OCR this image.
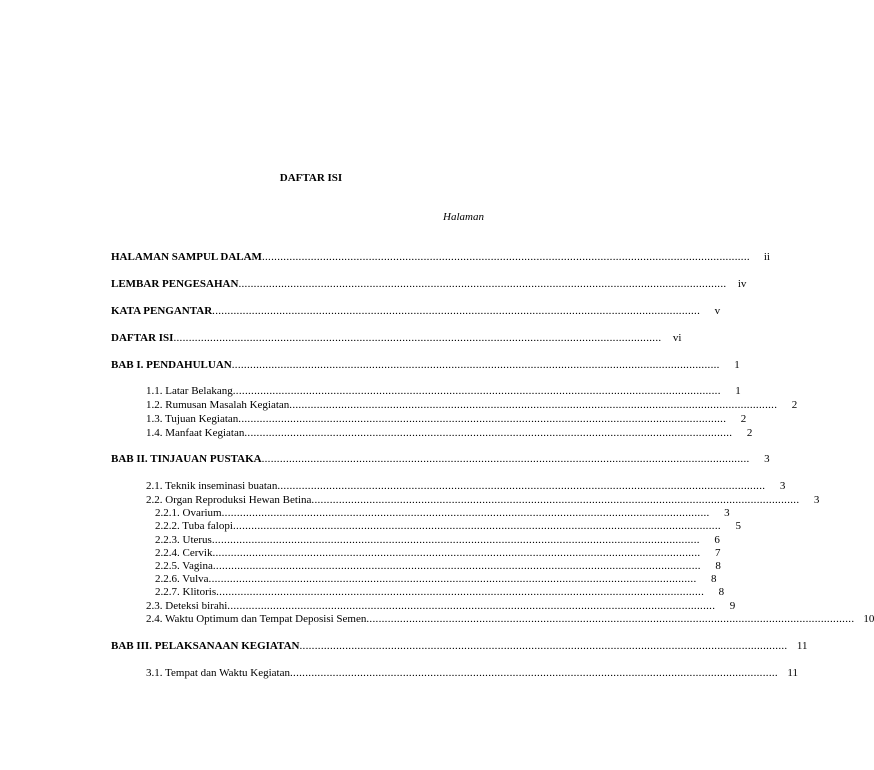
DAFTAR ISI
Halaman
HALAMAN SAMPUL DALAM ................................................................................................................................................................	ii
LEMBAR PENGESAHAN ................................................................................................................................................................	iv
KATA PENGANTAR ................................................................................................................................................................	v
DAFTAR ISI ................................................................................................................................................................	vi
BAB I. PENDAHULUAN ................................................................................................................................................................	1
1.1. Latar Belakang ................................................................................................................................................................	1
1.2. Rumusan Masalah Kegiatan ................................................................................................................................................................	2
1.3. Tujuan Kegiatan ................................................................................................................................................................	2
1.4. Manfaat Kegiatan ................................................................................................................................................................	2
BAB II. TINJAUAN PUSTAKA ................................................................................................................................................................	3
2.1. Teknik inseminasi buatan ................................................................................................................................................................	3
2.2. Organ Reproduksi Hewan Betina ................................................................................................................................................................	3
2.2.1. Ovarium ................................................................................................................................................................	3
2.2.2. Tuba falopi ................................................................................................................................................................	5
2.2.3. Uterus ................................................................................................................................................................	6
2.2.4. Cervik ................................................................................................................................................................	7
2.2.5. Vagina ................................................................................................................................................................	8
2.2.6. Vulva ................................................................................................................................................................	8
2.2.7. Klitoris ................................................................................................................................................................	8
2.3. Deteksi birahi ................................................................................................................................................................	9
2.4. Waktu Optimum dan Tempat Deposisi Semen ................................................................................................................................................................ 10
BAB III. PELAKSANAAN KEGIATAN ................................................................................................................................................................ 11
3.1. Tempat dan Waktu Kegiatan ................................................................................................................................................................ 11
